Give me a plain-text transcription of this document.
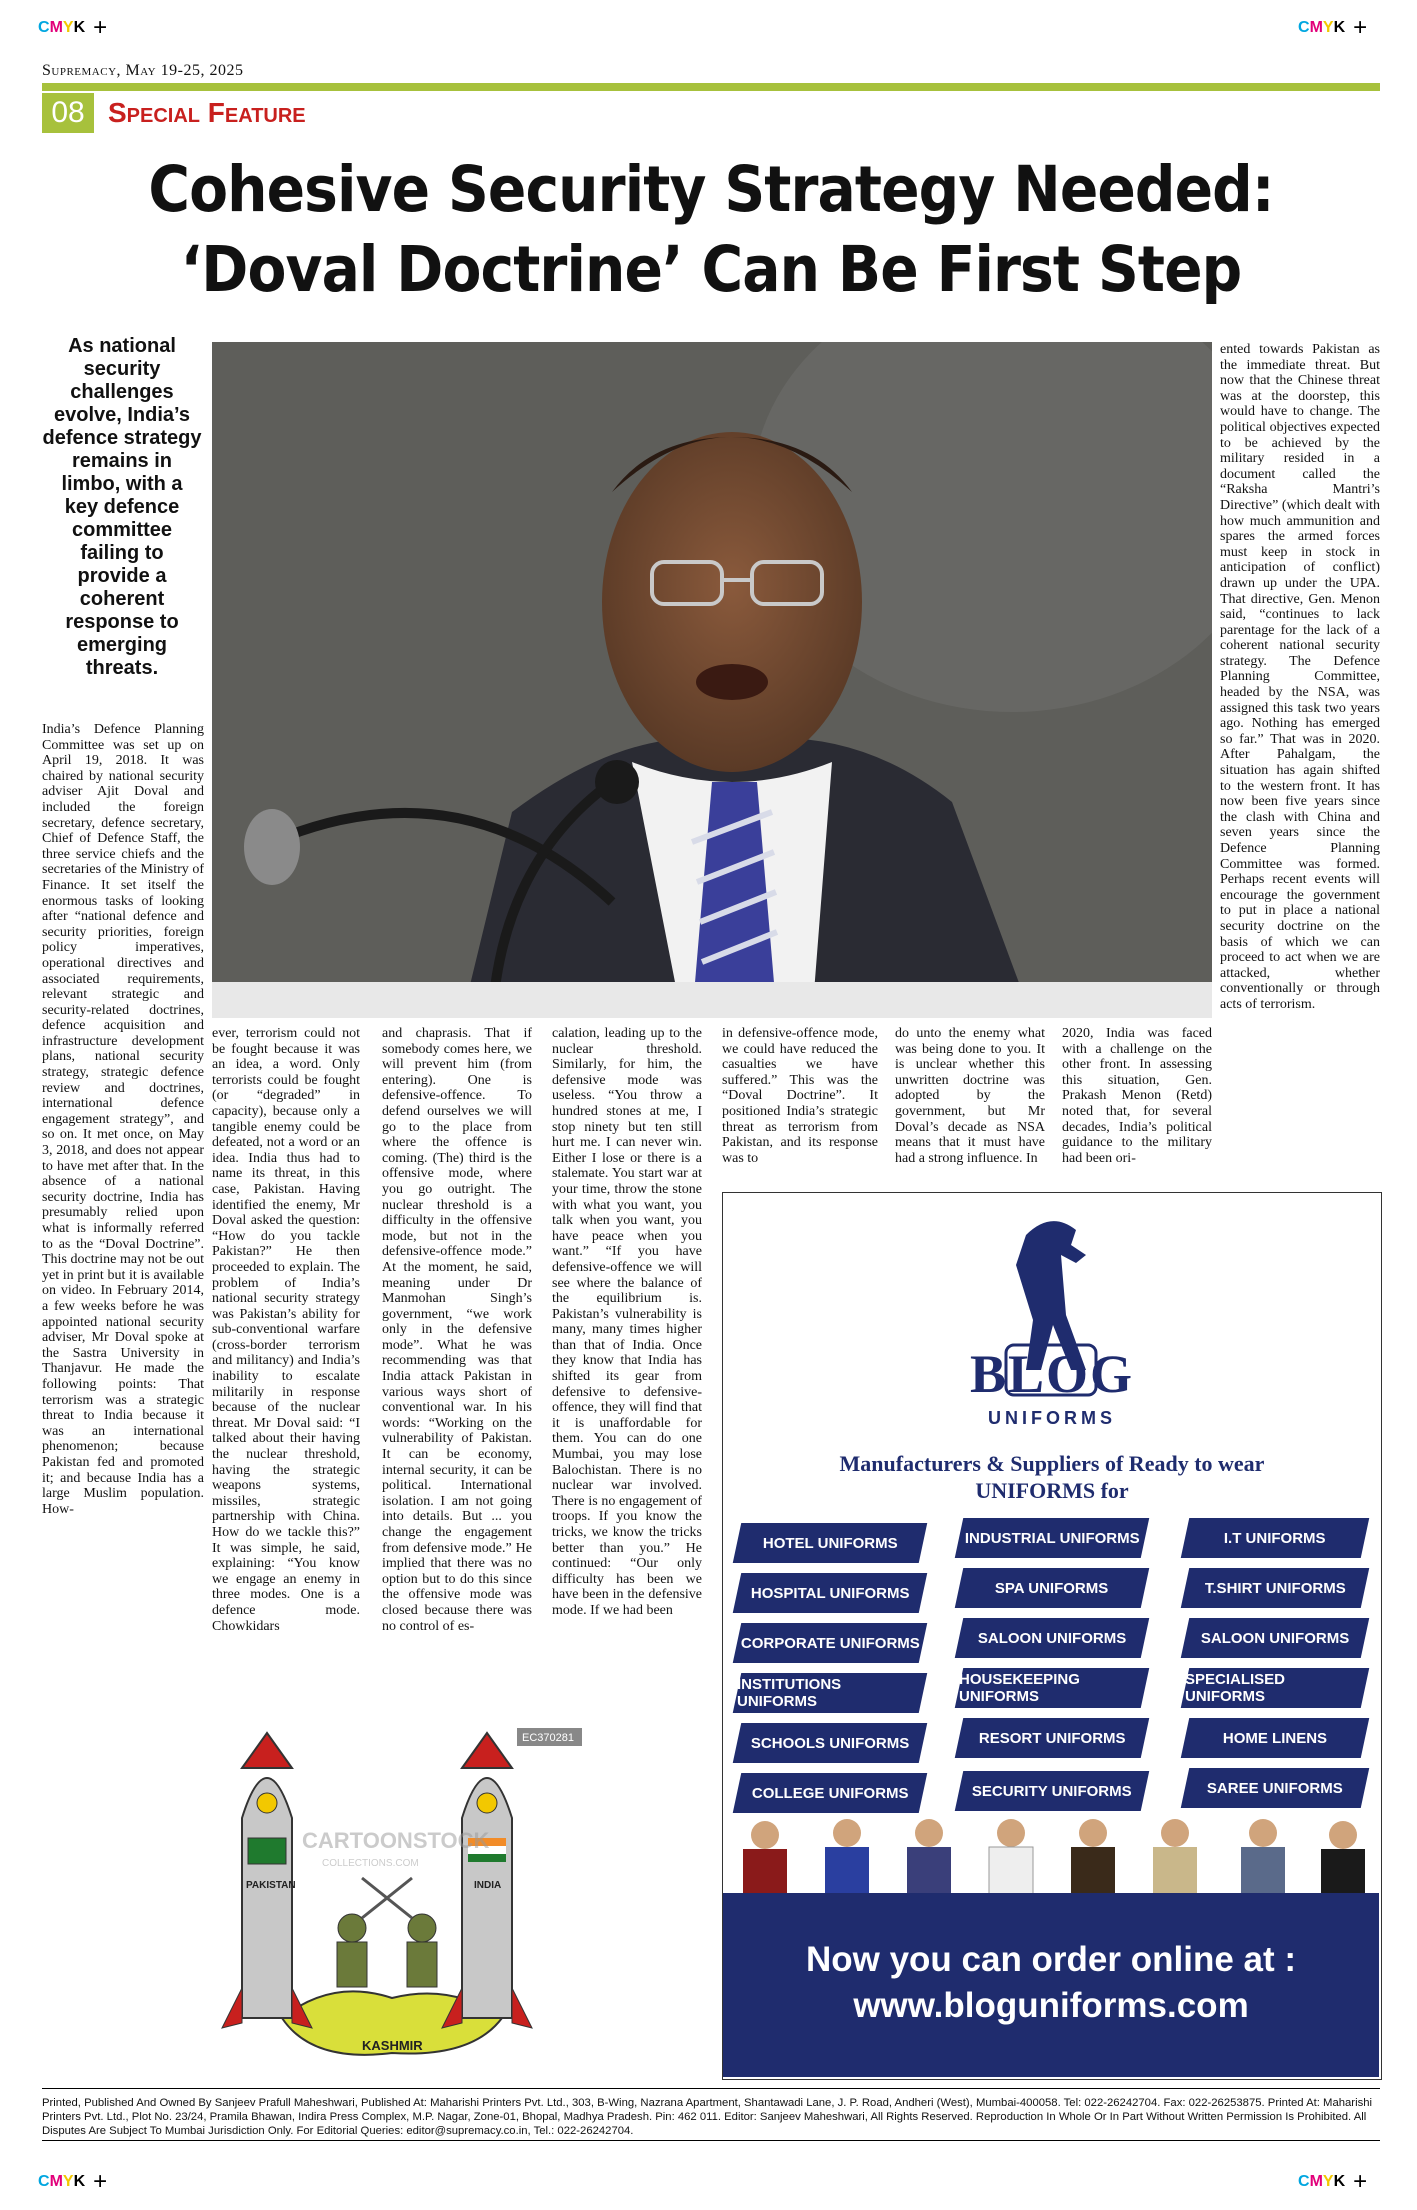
CMYK +	CMYK +
CMYK +	CMYK +
Supremacy, May 19-25, 2025
08 Special Feature
Cohesive Security Strategy Needed:
‘Doval Doctrine’ Can Be First Step
As national security challenges evolve, India’s defence strategy remains in limbo, with a key defence committee failing to provide a coherent response to emerging threats.

India’s Defence Planning Committee was set up on April 19, 2018. It was chaired by national security adviser Ajit Doval and included the foreign secretary, defence secretary, Chief of Defence Staff, the three service chiefs and the secretaries of the Ministry of Finance. It set itself the enormous tasks of looking after “national defence and security priorities, foreign policy imperatives, operational directives and associated requirements, relevant strategic and security-related doctrines, defence acquisition and infrastructure development plans, national security strategy, strategic defence review and doctrines, international defence engagement strategy”, and so on. It met once, on May 3, 2018, and does not appear to have met after that. In the absence of a national security doctrine, India has presumably relied upon what is informally referred to as the “Doval Doctrine”. This doctrine may not be out yet in print but it is available on video. In February 2014, a few weeks before he was appointed national security adviser, Mr Doval spoke at the Sastra University in Thanjavur. He made the following points: That terrorism was a strategic threat to India because it was an international phenomenon; because Pakistan fed and promoted it; and because India has a large Muslim population. How-

ented towards Pakistan as the immediate threat. But now that the Chinese threat was at the doorstep, this would have to change. The political objectives expected to be achieved by the military resided in a document called the “Raksha Mantri’s Directive” (which dealt with how much ammunition and spares the armed forces must keep in stock in anticipation of conflict) drawn up under the UPA. That directive, Gen. Menon said, “continues to lack parentage for the lack of a coherent national security strategy. The Defence Planning Committee, headed by the NSA, was assigned this task two years ago. Nothing has emerged so far.” That was in 2020. After Pahalgam, the situation has again shifted to the western front. It has now been five years since the clash with China and seven years since the Defence Planning Committee was formed. Perhaps recent events will encourage the government to put in place a national security doctrine on the basis of which we can proceed to act when we are attacked, whether conventionally or through acts of terrorism.

ever, terrorism could not be fought because it was an idea, a word. Only terrorists could be fought (or “degraded” in capacity), because only a tangible enemy could be defeated, not a word or an idea. India thus had to name its threat, in this case, Pakistan. Having identified the enemy, Mr Doval asked the question: “How do you tackle Pakistan?” He then proceeded to explain. The problem of India’s national security strategy was Pakistan’s ability for sub-conventional warfare (cross-border terrorism and militancy) and India’s inability to escalate militarily in response because of the nuclear threat. Mr Doval said: “I talked about their having the nuclear threshold, having the strategic weapons systems, missiles, strategic partnership with China. How do we tackle this?” It was simple, he said, explaining: “You know we engage an enemy in three modes. One is a defence mode. Chowkidars

and chaprasis. That if somebody comes here, we will prevent him (from entering). One is defensive-offence. To defend ourselves we will go to the place from where the offence is coming. (The) third is the offensive mode, where you go outright. The nuclear threshold is a difficulty in the offensive mode, but not in the defensive-offence mode.” At the moment, he said, meaning under Dr Manmohan Singh’s government, “we work only in the defensive mode”. What he was recommending was that India attack Pakistan in various ways short of conventional war. In his words: “Working on the vulnerability of Pakistan. It can be economy, internal security, it can be political. International isolation. I am not going into details. But ... you change the engagement from defensive mode.” He implied that there was no option but to do this since the offensive mode was closed because there was no control of es-

calation, leading up to the nuclear threshold. Similarly, for him, the defensive mode was useless. “You throw a hundred stones at me, I stop ninety but ten still hurt me. I can never win. Either I lose or there is a stalemate. You start war at your time, throw the stone with what you want, you talk when you want, you have peace when you want.” “If you have defensive-offence we will see where the balance of the equilibrium is. Pakistan’s vulnerability is many, many times higher than that of India. Once they know that India has shifted its gear from defensive to defensive-offence, they will find that it is unaffordable for them. You can do one Mumbai, you may lose Balochistan. There is no nuclear war involved. There is no engagement of troops. If you know the tricks, we know the tricks better than you.” He continued: “Our only difficulty has been we have been in the defensive mode. If we had been

in defensive-offence mode, we could have reduced the casualties we have suffered.” This was the “Doval Doctrine”. It positioned India’s strategic threat as terrorism from Pakistan, and its response was to

do unto the enemy what was being done to you. It is unclear whether this unwritten doctrine was adopted by the government, but Mr Doval’s decade as NSA means that it must have had a strong influence. In

2020, India was faced with a challenge on the other front. In assessing this situation, Gen. Prakash Menon (Retd) noted that, for several decades, India’s political guidance to the military had been ori-

KASHMIR
PAKISTAN	INDIA
CARTOONSTOCK
COLLECTIONS.COM
EC370281
BLOG
UNIFORMS
Manufacturers & Suppliers of Ready to wear
UNIFORMS for
HOTEL UNIFORMS
HOSPITAL UNIFORMS
CORPORATE UNIFORMS
INSTITUTIONS UNIFORMS
SCHOOLS UNIFORMS
COLLEGE UNIFORMS
INDUSTRIAL UNIFORMS
SPA UNIFORMS
SALOON UNIFORMS
HOUSEKEEPING UNIFORMS
RESORT UNIFORMS
SECURITY UNIFORMS
I.T UNIFORMS
T.SHIRT UNIFORMS
SALOON UNIFORMS
SPECIALISED UNIFORMS
HOME LINENS
SAREE UNIFORMS
Now you can order online at :
www.bloguniforms.com
Printed, Published And Owned By Sanjeev Prafull Maheshwari, Published At: Maharishi Printers Pvt. Ltd., 303, B-Wing, Nazrana Apartment, Shantawadi Lane, J. P. Road, Andheri (West), Mumbai-400058. Tel: 022-26242704. Fax: 022-26253875. Printed At: Maharishi Printers Pvt. Ltd., Plot No. 23/24, Pramila Bhawan, Indira Press Complex, M.P. Nagar, Zone-01, Bhopal, Madhya Pradesh. Pin: 462 011. Editor: Sanjeev Maheshwari, All Rights Reserved. Reproduction In Whole Or In Part Without Written Permission Is Prohibited. All Disputes Are Subject To Mumbai Jurisdiction Only. For Editorial Queries: editor@supremacy.co.in, Tel.: 022-26242704.
